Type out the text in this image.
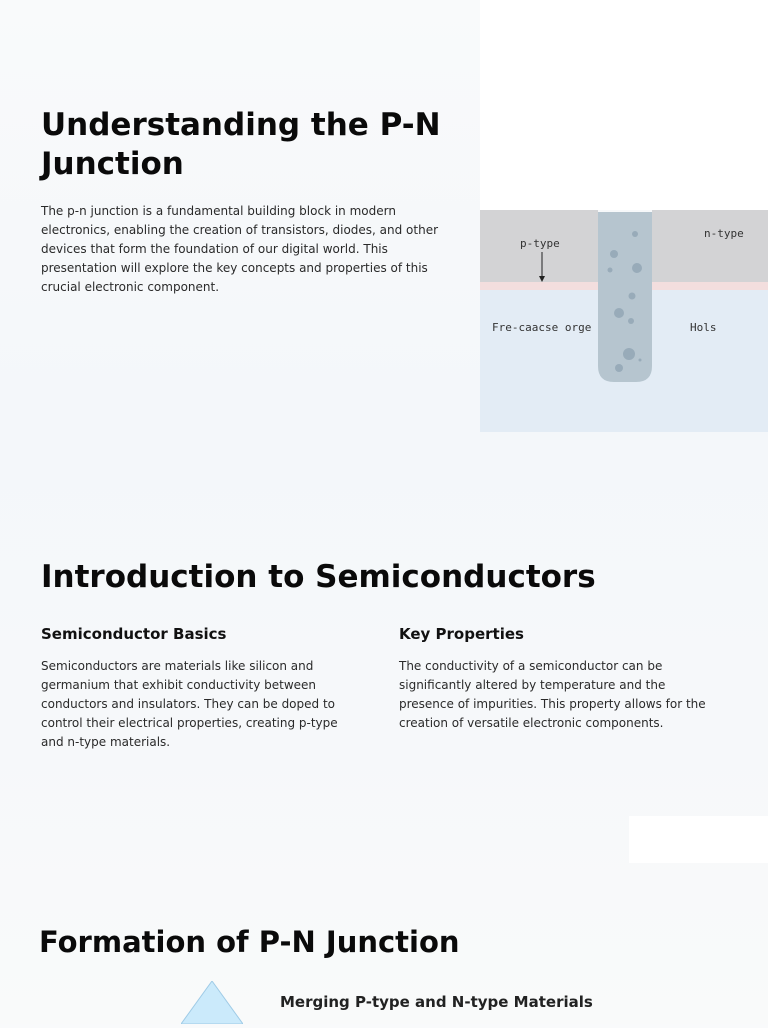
Understanding the P-N Junction

The p-n junction is a fundamental building block in modern electronics, enabling the creation of transistors, diodes, and other devices that form the foundation of our digital world. This presentation will explore the key concepts and properties of this crucial electronic component.

p-type
n-type
Fre-caacse orge	Hols
Introduction to Semiconductors
Semiconductor Basics

Semiconductors are materials like silicon and germanium that exhibit conductivity between conductors and insulators. They can be doped to control their electrical properties, creating p-type and n-type materials.

Key Properties

The conductivity of a semiconductor can be significantly altered by temperature and the presence of impurities. This property allows for the creation of versatile electronic components.

Formation of P-N Junction
Merging P-type and N-type Materials
